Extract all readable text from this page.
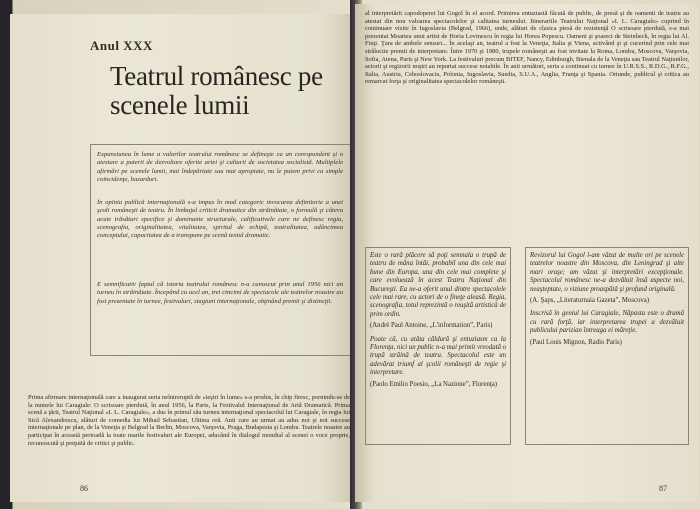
Anul XXX
Teatrul românesc pe scenele lumii
Expansiunea în lume a valorilor teatrului românesc se defineşte ca un corespondent şi o atestare a puterii de dezvoltare oferite artei şi culturii de societatea socialistă. Multiplele afirmări pe scenele lumii, mai îndepărtate sau mai apropiate, nu le putem privi ca simple coincidenţe, hazarduri.
În opinia publică internaţională s-a impus în mod categoric invocarea definitorie a unei şcoli româneşti de teatru. În limbajul criticii dramatice din străinătate, o formulă şi câteva acute trăsături specifice şi dominante structurale, calificativele care ne definesc regia, scenografia, originalitatea, vitalitatea, spiritul de echipă, teatralitatea, adâncimea conceptului, capacitatea de a transpune pe scenă textul dramatic.
E semnificativ faptul că istoria teatrului românesc n-a cunoscut prin anul 1956 nici un turneu în străinătate. Începând cu acel an, trei cincimi de spectacole ale teatrelor noastre au fost prezentate în turnee, festivaluri, stagiuni internaţionale, obţinând premii şi distincţii.
Prima afirmare internaţională care a inaugurat seria neîntreruptă de «ieşiri în lume» s-a produs, în chip firesc, pornindu-se de la numele lui Caragiale: O scrisoare pierdută, în anul 1956, la Paris, la Festivalul Internaţional de Artă Dramatică. Prima scenă a ţării, Teatrul Naţional «I. L. Caragiale», a dus în primul său turneu internaţional spectacolul lui Caragiale, în regia lui Sică Alexandrescu, alături de comedia lui Mihail Sebastian, Ultima oră. Anii care au urmat au adus noi şi noi succese internaţionale pe plan, de la Veneţia şi Belgrad la Berlin, Moscova, Varşovia, Praga, Budapesta şi Londra. Teatrele noastre au participat în această perioadă la toate marile festivaluri ale Europei, aducând în dialogul mondial al scenei o voce proprie, recunoscută şi preţuită de critici şi public.
86
al interpretării capodoperei lui Gogol în el acord. Primirea entuziastă făcută de public, de presă şi de oamenii de teatru au atestat din nou valoarea spectacolelor şi calitatea turneului. Itinerariile Teatrului Naţional «I. L. Caragiale» cuprind în continuare vizite în Iugoslavia (Belgrad, 1966), unde, alături de clasica piesă de rezistenţă O scrisoare pierdută, s-a mai prezentat Moartea unui artist de Horia Lovinescu în regia lui Horea Popescu. Oameni şi şoareci de Steinbeck, în regia lui Al. Finţi. Ţara de ambele sensuri... În acelaşi an, teatrul a fost la Veneţia, Italia şi Viena, activând şi şi cucerind prin cele mai strălucite premii de interpretare. Între 1970 şi 1980, trupele româneşti au fost invitate la Roma, Londra, Moscova, Varşovia, Sofia, Atena, Paris şi New York. La festivaluri precum BITEF, Nancy, Edinburgh, Bienala de la Veneţia sau Teatrul Naţiunilor, actorii şi regizorii noştri au repurtat succese notabile. În anii următori, seria a continuat cu turnee în U.R.S.S., R.D.G., R.F.G., Italia, Austria, Cehoslovacia, Polonia, Iugoslavia, Suedia, S.U.A., Anglia, Franţa şi Spania. Oriunde, publicul şi critica au remarcat forţa şi originalitatea spectacolelor româneşti.

Este o rară plăcere să poţi semnala o trupă de teatru de mâna întâi, probabil una din cele mai bune din Europa, una din cele mai complete şi care evoluează în acest Teatru Naţional din Bucureşti. Ea ne-a oferit unul dintre spectacolele cele mai rare, cu actori de o fineţe aleasă. Regia, scenografia, totul reprezintă o reuşită artistică de prim ordin.

(André Paul Antoine, „L'information”, Paris)

Poate că, cu atâta căldură şi entuziasm ca la Florenţa, nici un public n-a mai primit vreodată o trupă străină de teatru. Spectacolul este un adevărat triumf al şcolii româneşti de regie şi interpretare.

(Paolo Emilio Poesio, „La Nazione”, Florenţa)

Revizorul lui Gogol l-am văzut de multe ori pe scenele teatrelor noastre din Moscova, din Leningrad şi alte mari oraşe; am văzut şi interpretări excepţionale. Spectacolul românesc ne-a dezvăluit însă aspecte noi, neaşteptate, o viziune proaspătă şi profund originală.

(A. Şaps, „Literaturnaia Gazeta”, Moscova)

Inscrisă în geniul lui Caragiale, Năpasta este o dramă cu rară forţă, iar interpretarea trupei a dezvăluit publicului parizian întreaga ei măreţie.

(Paul Louis Mignon, Radio Paris)

87
